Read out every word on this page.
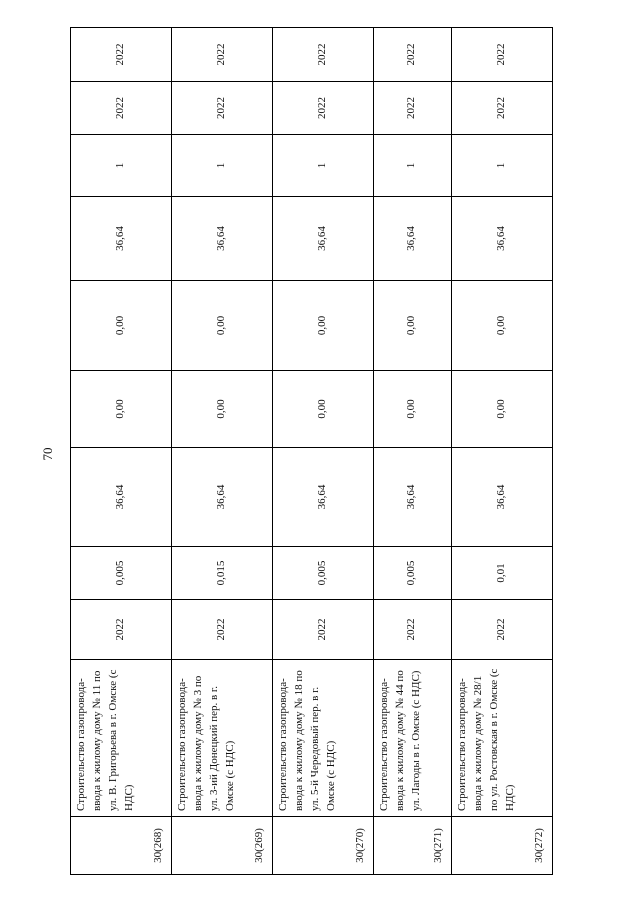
70
30(268)	Строительство газопровода-ввода к жилому дому № 11 по ул. В. Григорьева в г. Омске (с НДС)	2022	0,005	36,64	0,00	0,00	36,64	1	2022	2022
30(269)	Строительство газопровода-ввода к жилому дому № 3 по ул. 3-ий Донецкий пер. в г. Омске (с НДС)	2022	0,015	36,64	0,00	0,00	36,64	1	2022	2022
30(270)	Строительство газопровода-ввода к жилому дому № 18 по ул. 5-й Чередовый пер. в г. Омске (с НДС)	2022	0,005	36,64	0,00	0,00	36,64	1	2022	2022
30(271)	Строительство газопровода-ввода к жилому дому № 44 по ул. Лагоды в г. Омске (с НДС)	2022	0,005	36,64	0,00	0,00	36,64	1	2022	2022
30(272)	Строительство газопровода-ввода к жилому дому № 28/1 по ул. Ростовская в г. Омске (с НДС)	2022	0,01	36,64	0,00	0,00	36,64	1	2022	2022
